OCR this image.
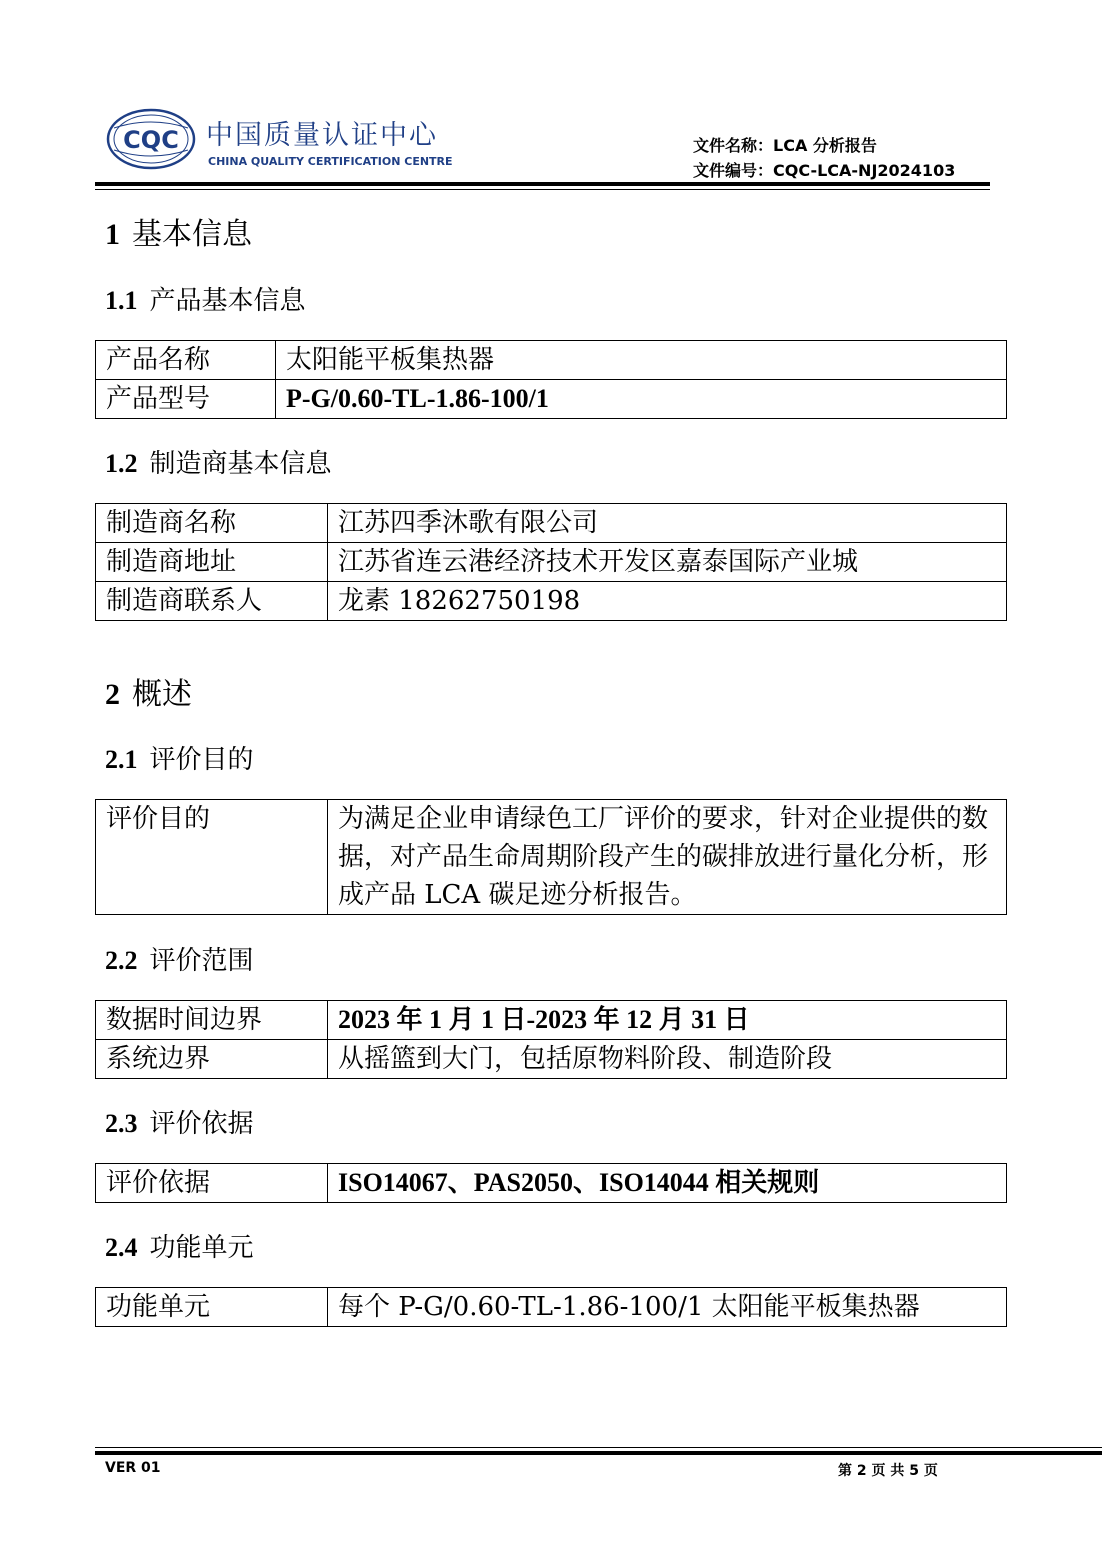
CQC 中国质量认证中心
CHINA QUALITY CERTIFICATION CENTRE
文件名称：LCA 分析报告
文件编号：CQC-LCA-NJ2024103
1 基本信息
1.1 产品基本信息
产品名称	太阳能平板集热器
产品型号	P-G/0.60-TL-1.86-100/1
1.2 制造商基本信息
制造商名称	江苏四季沐歌有限公司
制造商地址	江苏省连云港经济技术开发区嘉泰国际产业城
制造商联系人	龙素 18262750198
2 概述
2.1 评价目的
评价目的	为满足企业申请绿色工厂评价的要求，针对企业提供的数据，对产品生命周期阶段产生的碳排放进行量化分析，形成产品 LCA 碳足迹分析报告。
2.2 评价范围
数据时间边界	2023 年 1 月 1 日-2023 年 12 月 31 日
系统边界	从摇篮到大门，包括原物料阶段、制造阶段
2.3 评价依据
评价依据	ISO14067、PAS2050、ISO14044 相关规则
2.4 功能单元
功能单元	每个 P-G/0.60-TL-1.86-100/1 太阳能平板集热器
VER 01	第 2 页 共 5 页
